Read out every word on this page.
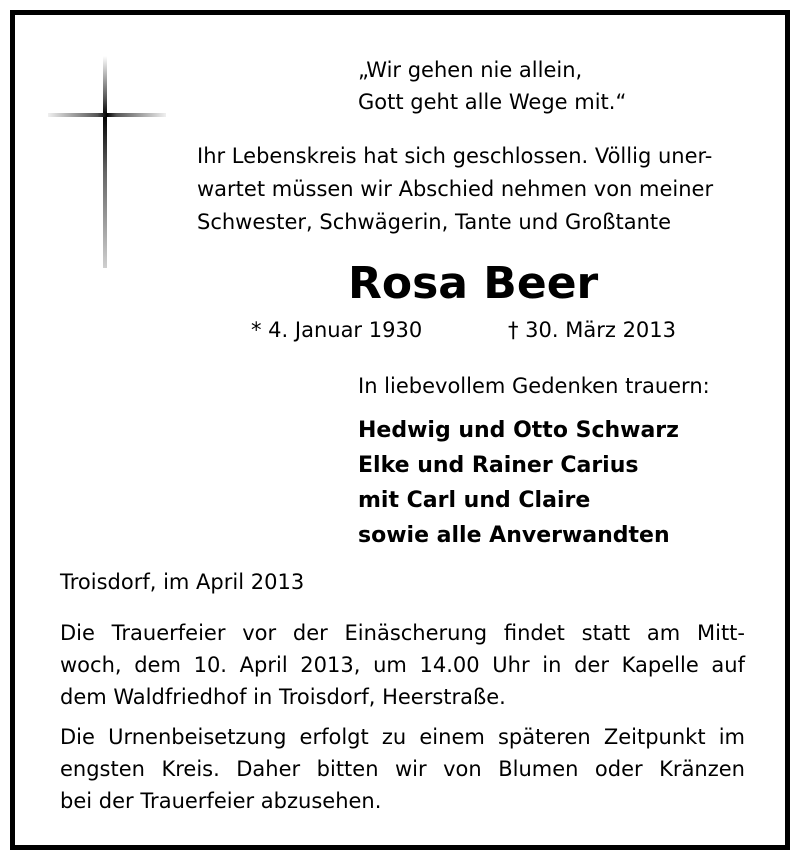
„Wir gehen nie allein,
Gott geht alle Wege mit.“
Ihr Lebenskreis hat sich geschlossen. Völlig uner-
wartet müssen wir Abschied nehmen von meiner
Schwester, Schwägerin, Tante und Großtante
Rosa Beer
* 4. Januar 1930	† 30. März 2013
In liebevollem Gedenken trauern:
Hedwig und Otto Schwarz
Elke und Rainer Carius
mit Carl und Claire
sowie alle Anverwandten
Troisdorf, im April 2013
Die Trauerfeier vor der Einäscherung findet statt am Mitt-
woch, dem 10. April 2013, um 14.00 Uhr in der Kapelle auf
dem Waldfriedhof in Troisdorf, Heerstraße.
Die Urnenbeisetzung erfolgt zu einem späteren Zeitpunkt im
engsten Kreis. Daher bitten wir von Blumen oder Kränzen
bei der Trauerfeier abzusehen.
